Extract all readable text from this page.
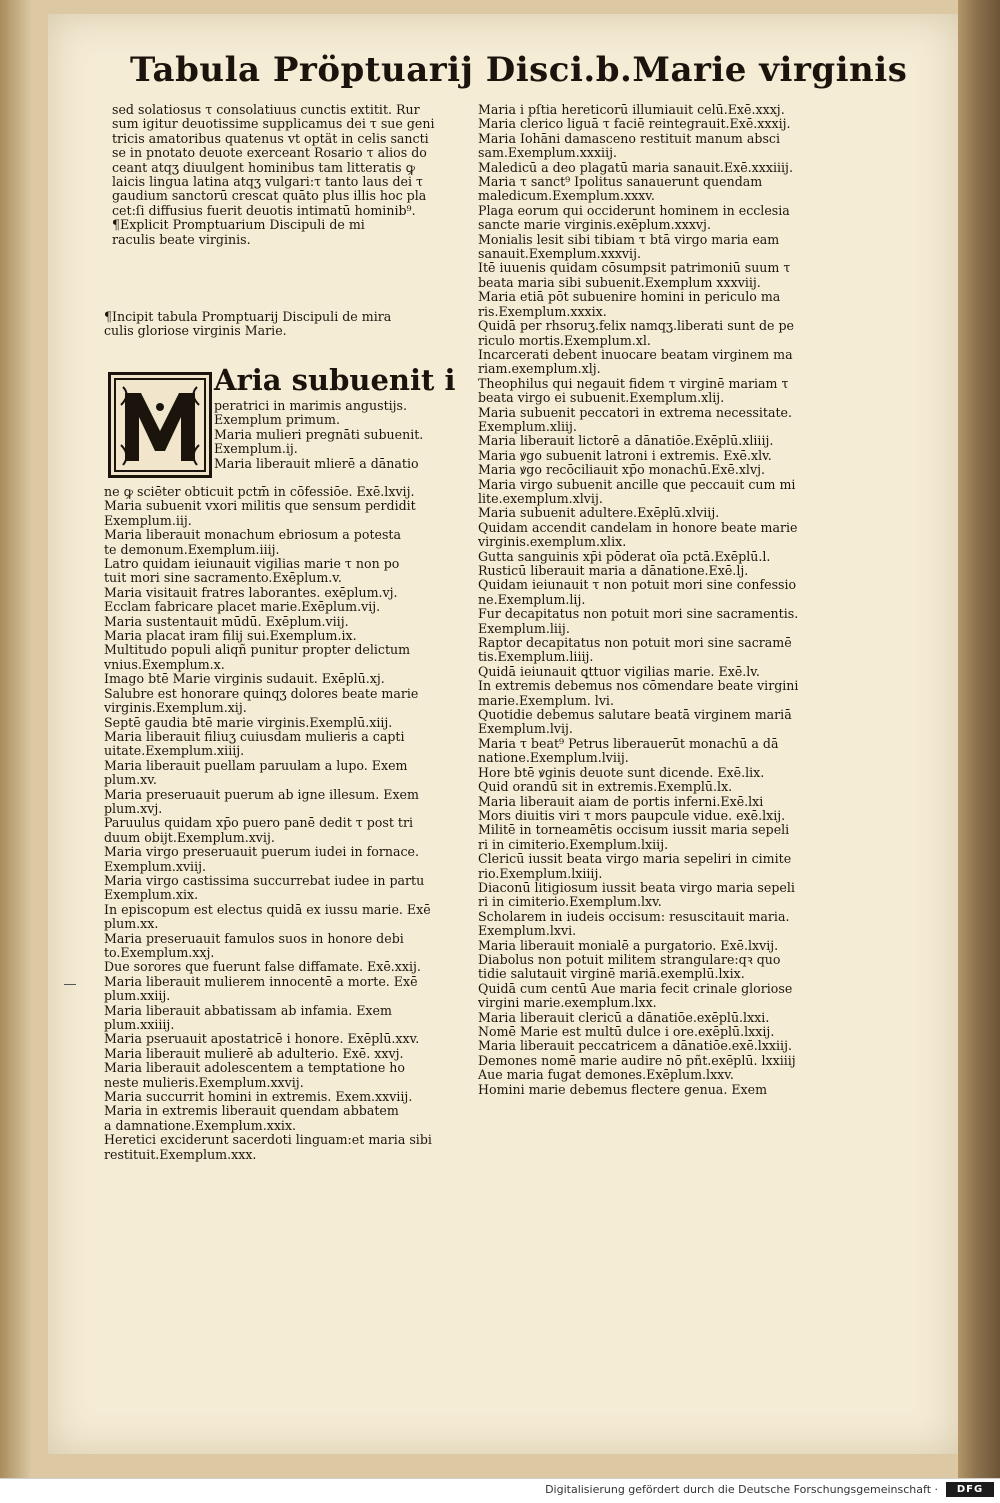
Tabula Pröptuarij Disci.b.Marie virginis

sed solatiosus τ consolatiuus cunctis extitit. Rur

sum igitur deuotissime supplicamus dei τ sue geni

tricis amatoribus quatenus vt optät in celis sancti

se in pnotato deuote exerceant Rosario τ alios do

ceant atqʒ diuulgent hominibus tam litteratis ꝙ

laicis lingua latina atqʒ vulgari:τ tanto laus dei τ

gaudium sanctorū crescat quāto plus illis hoc pla

cet:ſi diffusius fuerit deuotis intimatū hominib⁹.

¶Explicit Promptuarium Discipuli de mi

raculis beate virginis.

¶Incipit tabula Promptuarij Discipuli de mira

culis gloriose virginis Marie.

Aria subuenit i

peratrici in marimis angustijs.

Exemplum primum.

Maria mulieri pregnāti subuenit.

Exemplum.ij.

Maria liberauit mlierē a dānatio

ne ꝙ sciēter obticuit pctm̄ in cōfessiōe. Exē.lxvij.

Maria subuenit vxori militis que sensum perdidit

Exemplum.iij.

Maria liberauit monachum ebriosum a potesta

te demonum.Exemplum.iiij.

Latro quidam ieiunauit vigilias marie τ non po

tuit mori sine sacramento.Exēplum.v.

Maria visitauit fratres laborantes. exēplum.vj.

Ecclam fabricare placet marie.Exēplum.vij.

Maria sustentauit mūdū. Exēplum.viij.

Maria placat iram filij sui.Exemplum.ix.

Multitudo populi aliqñ punitur propter delictum

vnius.Exemplum.x.

Imago btē Marie virginis sudauit. Exēplū.xj.

Salubre est honorare quinqʒ dolores beate marie

virginis.Exemplum.xij.

Septē gaudia btē marie virginis.Exemplū.xiij.

Maria liberauit filiuʒ cuiusdam mulieris a capti

uitate.Exemplum.xiiij.

Maria liberauit puellam paruulam a lupo. Exem

plum.xv.

Maria preseruauit puerum ab igne illesum. Exem

plum.xvj.

Paruulus quidam xp̄o puero panē dedit τ post tri

duum obijt.Exemplum.xvij.

Maria virgo preseruauit puerum iudei in fornace.

Exemplum.xviij.

Maria virgo castissima succurrebat iudee in partu

Exemplum.xix.

In episcopum est electus quidā ex iussu marie. Exē

plum.xx.

Maria preseruauit famulos suos in honore debi

to.Exemplum.xxj.

Due sorores que fuerunt false diffamate. Exē.xxij.

Maria liberauit mulierem innocentē a morte. Exē

plum.xxiij.

Maria liberauit abbatissam ab infamia. Exem

plum.xxiiij.

Maria pseruauit apostatricē i honore. Exēplū.xxv.

Maria liberauit mulierē ab adulterio. Exē. xxvj.

Maria liberauit adolescentem a temptatione ho

neste mulieris.Exemplum.xxvij.

Maria succurrit homini in extremis. Exem.xxviij.

Maria in extremis liberauit quendam abbatem

a damnatione.Exemplum.xxix.

Heretici exciderunt sacerdoti linguam:et maria sibi

restituit.Exemplum.xxx.

Maria i pſtia hereticorū illumiauit celū.Exē.xxxj.

Maria clerico liguā τ faciē reintegrauit.Exē.xxxij.

Maria Iohāni damasceno restituit manum absci

sam.Exemplum.xxxiij.

Maledicū a deo plagatū maria sanauit.Exē.xxxiiij.

Maria τ sanct⁹ Ipolitus sanauerunt quendam

maledicum.Exemplum.xxxv.

Plaga eorum qui occiderunt hominem in ecclesia

sancte marie virginis.exēplum.xxxvj.

Monialis lesit sibi tibiam τ btā virgo maria eam

sanauit.Exemplum.xxxvij.

Itē iuuenis quidam cōsumpsit patrimoniū suum τ

beata maria sibi subuenit.Exemplum xxxviij.

Maria etiā pōt subuenire homini in periculo ma

ris.Exemplum.xxxix.

Quidā per rhsoruʒ.felix namqʒ.liberati sunt de pe

riculo mortis.Exemplum.xl.

Incarcerati debent inuocare beatam virginem ma

riam.exemplum.xlj.

Theophilus qui negauit fidem τ virginē mariam τ

beata virgo ei subuenit.Exemplum.xlij.

Maria subuenit peccatori in extrema necessitate.

Exemplum.xliij.

Maria liberauit lictorē a dānatiōe.Exēplū.xliiij.

Maria ꝟgo subuenit latroni i extremis. Exē.xlv.

Maria ꝟgo recōciliauit xp̄o monachū.Exē.xlvj.

Maria virgo subuenit ancille que peccauit cum mi

lite.exemplum.xlvij.

Maria subuenit adultere.Exēplū.xlviij.

Quidam accendit candelam in honore beate marie

virginis.exemplum.xlix.

Gutta sanguinis xp̄i pōderat oīa pctā.Exēplū.l.

Rusticū liberauit maria a dānatione.Exē.lj.

Quidam ieiunauit τ non potuit mori sine confessio

ne.Exemplum.lij.

Fur decapitatus non potuit mori sine sacramentis.

Exemplum.liij.

Raptor decapitatus non potuit mori sine sacramē

tis.Exemplum.liiij.

Quidā ieiunauit ꝗttuor vigilias marie. Exē.lv.

In extremis debemus nos cōmendare beate virgini

marie.Exemplum. lvi.

Quotidie debemus salutare beatā virginem mariā

Exemplum.lvij.

Maria τ beat⁹ Petrus liberauerūt monachū a dā

natione.Exemplum.lviij.

Hore btē ꝟginis deuote sunt dicende. Exē.lix.

Quid orandū sit in extremis.Exemplū.lx.

Maria liberauit aiam de portis inferni.Exē.lxi

Mors diuitis viri τ mors paupcule vidue. exē.lxij.

Militē in torneamētis occisum iussit maria sepeli

ri in cimiterio.Exemplum.lxiij.

Clericū iussit beata virgo maria sepeliri in cimite

rio.Exemplum.lxiiij.

Diaconū litigiosum iussit beata virgo maria sepeli

ri in cimiterio.Exemplum.lxv.

Scholarem in iudeis occisum: resuscitauit maria.

Exemplum.lxvi.

Maria liberauit monialē a purgatorio. Exē.lxvij.

Diabolus non potuit militem strangulare:qꝛ quo

tidie salutauit virginē mariā.exemplū.lxix.

Quidā cum centū Aue maria fecit crinale gloriose

virgini marie.exemplum.lxx.

Maria liberauit clericū a dānatiōe.exēplū.lxxi.

Nomē Marie est multū dulce i ore.exēplū.lxxij.

Maria liberauit peccatricem a dānatiōe.exē.lxxiij.

Demones nomē marie audire nō pñt.exēplū. lxxiiij

Aue maria fugat demones.Exēplum.lxxv.

Homini marie debemus flectere genua. Exem

Digitalisierung gefördert durch die Deutsche Forschungsgemeinschaft ·	DFG
